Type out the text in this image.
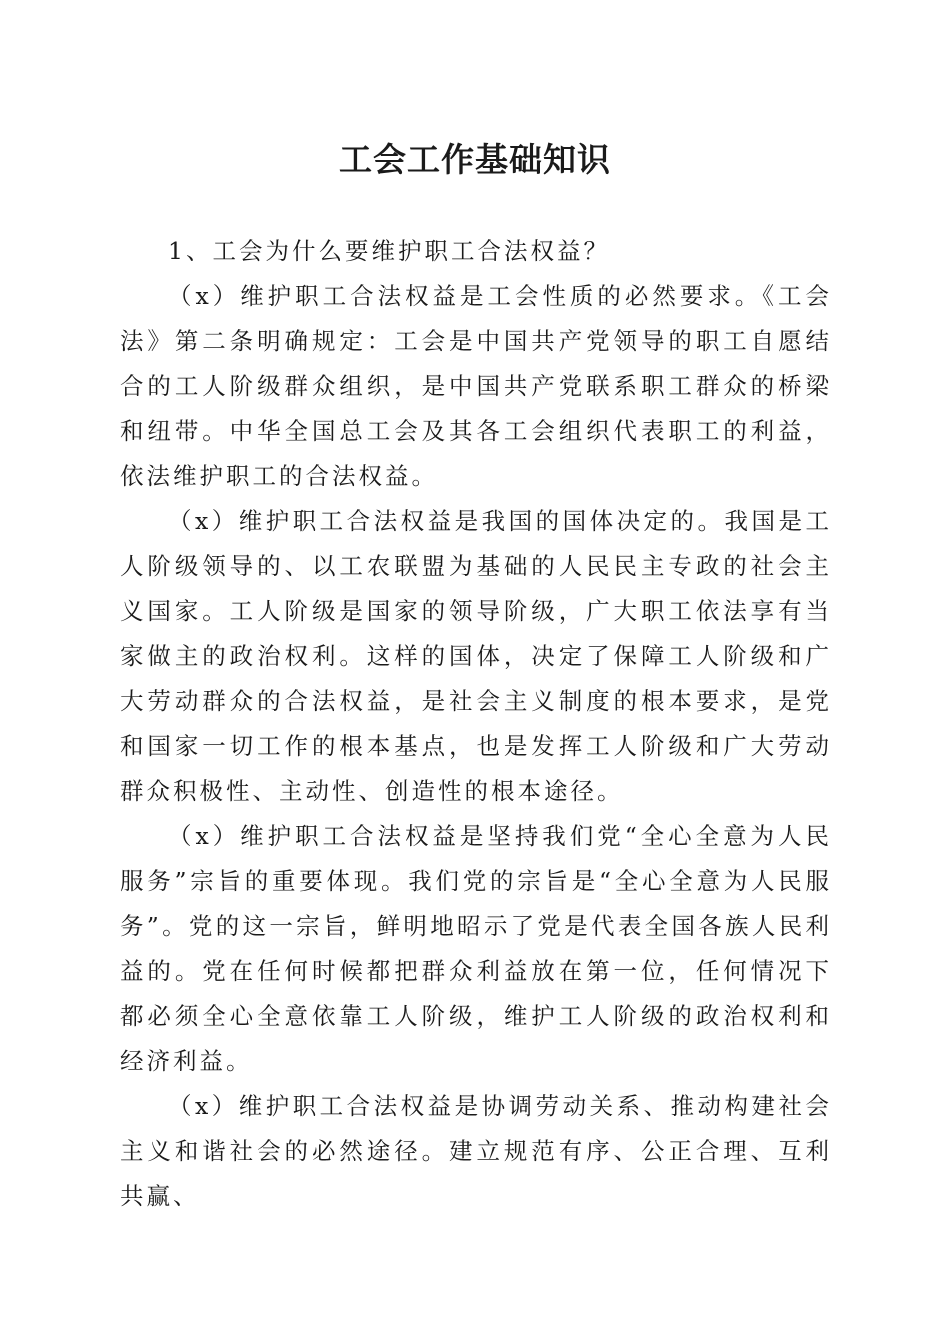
工会工作基础知识

1、工会为什么要维护职工合法权益？

（x）维护职工合法权益是工会性质的必然要求。《工会法》第二条明确规定：工会是中国共产党领导的职工自愿结合的工人阶级群众组织，是中国共产党联系职工群众的桥梁和纽带。中华全国总工会及其各工会组织代表职工的利益，依法维护职工的合法权益。

（x）维护职工合法权益是我国的国体决定的。我国是工人阶级领导的、以工农联盟为基础的人民民主专政的社会主义国家。工人阶级是国家的领导阶级，广大职工依法享有当家做主的政治权利。这样的国体，决定了保障工人阶级和广大劳动群众的合法权益，是社会主义制度的根本要求，是党和国家一切工作的根本基点，也是发挥工人阶级和广大劳动群众积极性、主动性、创造性的根本途径。

（x）维护职工合法权益是坚持我们党“全心全意为人民服务”宗旨的重要体现。我们党的宗旨是“全心全意为人民服务”。党的这一宗旨，鲜明地昭示了党是代表全国各族人民利益的。党在任何时候都把群众利益放在第一位，任何情况下都必须全心全意依靠工人阶级，维护工人阶级的政治权利和经济利益。

（x）维护职工合法权益是协调劳动关系、推动构建社会主义和谐社会的必然途径。建立规范有序、公正合理、互利共赢、
